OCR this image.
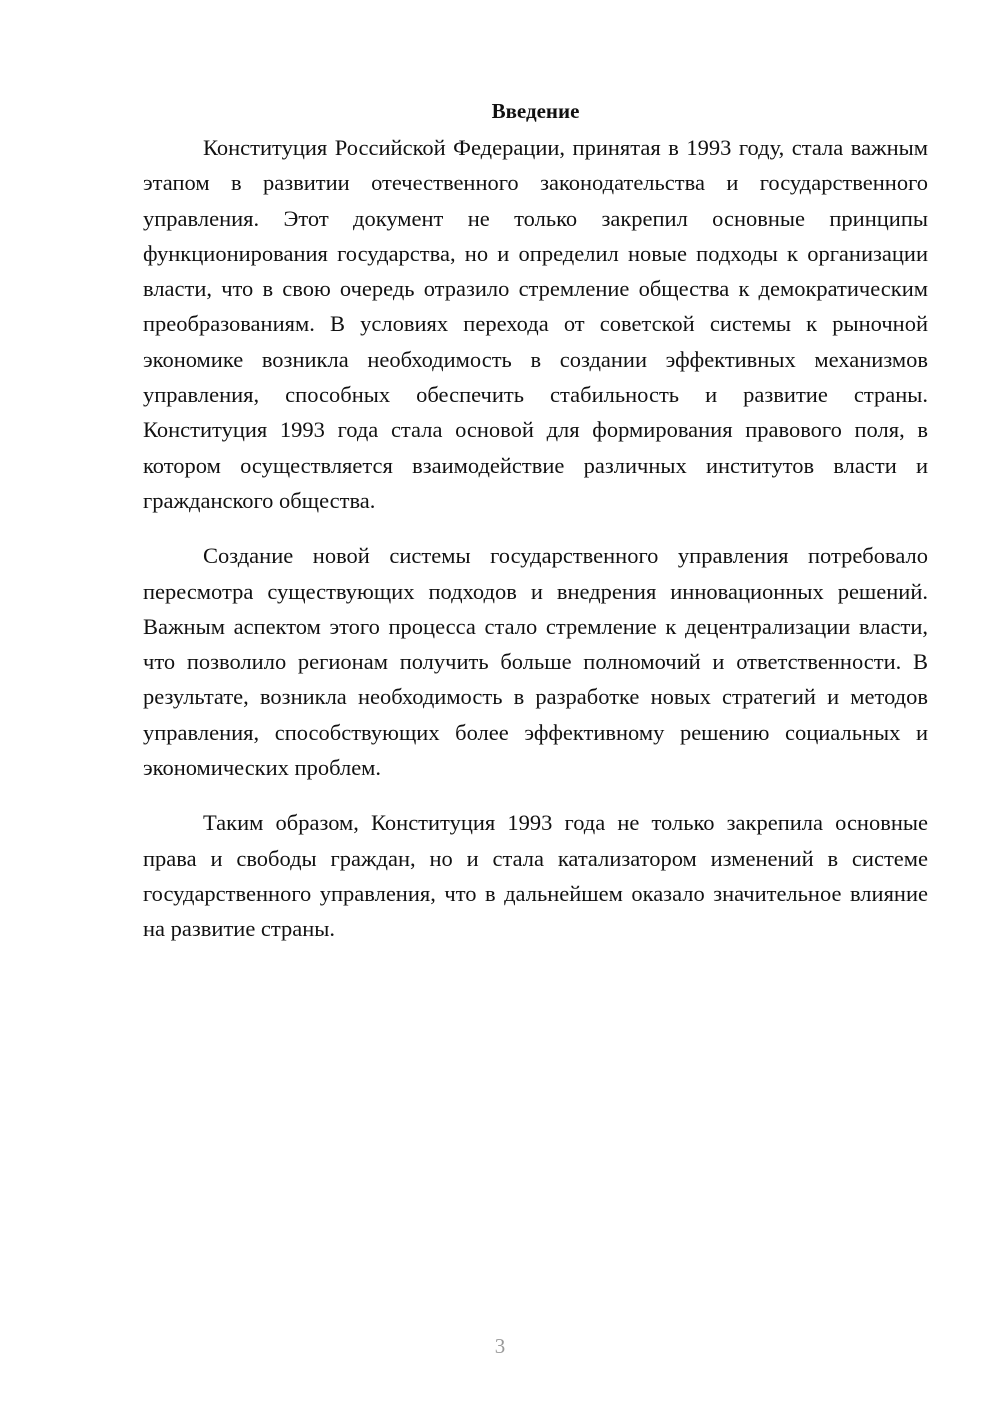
Введение

Конституция Российской Федерации, принятая в 1993 году, стала важным этапом в развитии отечественного законодательства и государственного управления. Этот документ не только закрепил основные принципы функционирования государства, но и определил новые подходы к организации власти, что в свою очередь отразило стремление общества к демократическим преобразованиям. В условиях перехода от советской системы к рыночной экономике возникла необходимость в создании эффективных механизмов управления, способных обеспечить стабильность и развитие страны. Конституция 1993 года стала основой для формирования правового поля, в котором осуществляется взаимодействие различных институтов власти и гражданского общества.

Создание новой системы государственного управления потребовало пересмотра существующих подходов и внедрения инновационных решений. Важным аспектом этого процесса стало стремление к децентрализации власти, что позволило регионам получить больше полномочий и ответственности. В результате, возникла необходимость в разработке новых стратегий и методов управления, способствующих более эффективному решению социальных и экономических проблем.

Таким образом, Конституция 1993 года не только закрепила основные права и свободы граждан, но и стала катализатором изменений в системе государственного управления, что в дальнейшем оказало значительное влияние на развитие страны.

3
